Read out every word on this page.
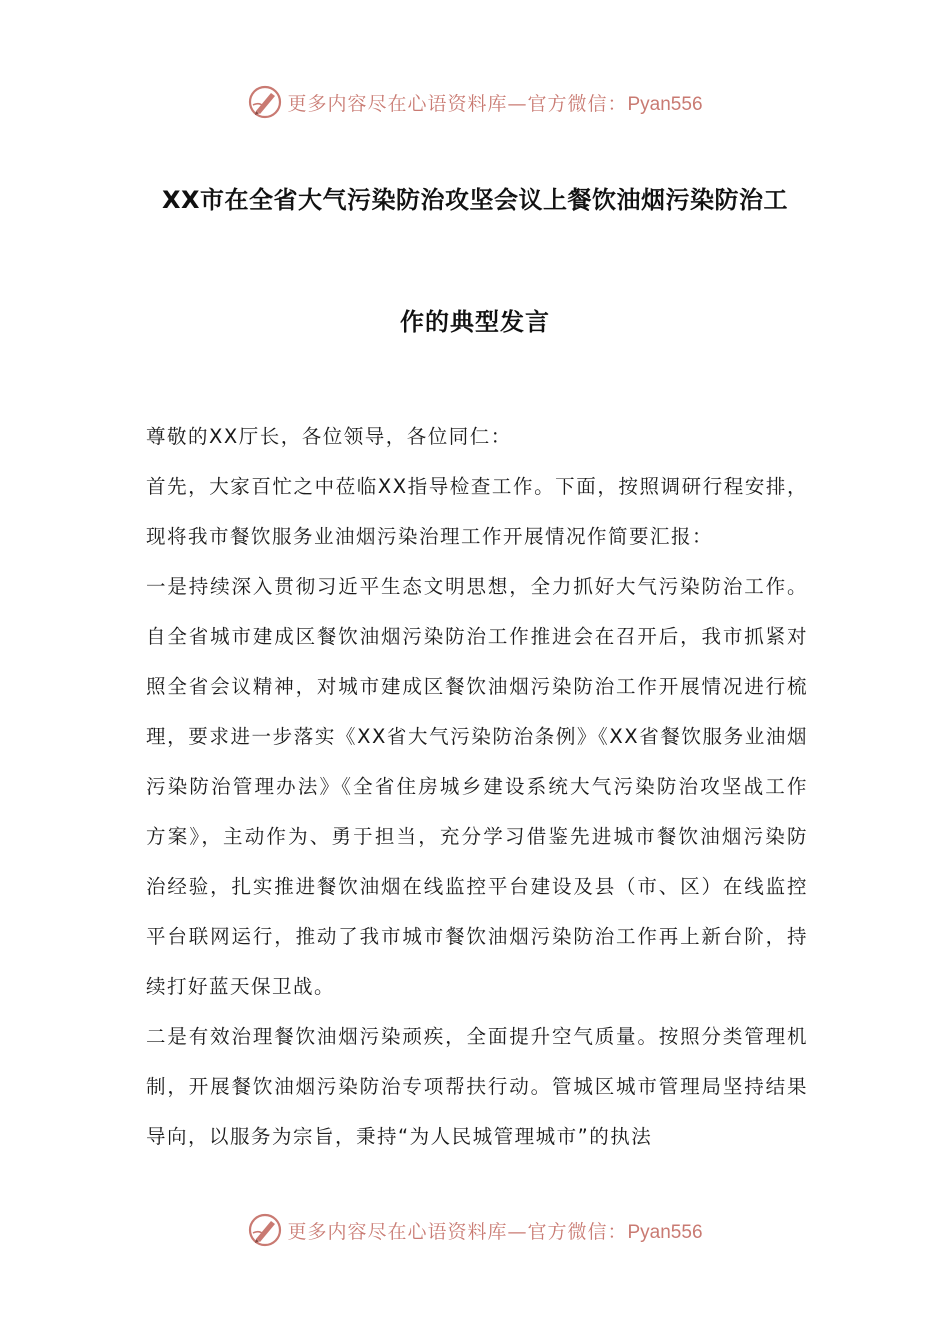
更多内容尽在心语资料库—官方微信：Pyan556
XX市在全省大气污染防治攻坚会议上餐饮油烟污染防治工
作的典型发言

尊敬的XX厅长，各位领导，各位同仁：

首先，大家百忙之中莅临XX指导检查工作。下面，按照调研行程安排，现将我市餐饮服务业油烟污染治理工作开展情况作简要汇报：

一是持续深入贯彻习近平生态文明思想，全力抓好大气污染防治工作。自全省城市建成区餐饮油烟污染防治工作推进会在召开后，我市抓紧对照全省会议精神，对城市建成区餐饮油烟污染防治工作开展情况进行梳理，要求进一步落实《XX省大气污染防治条例》《XX省餐饮服务业油烟污染防治管理办法》《全省住房城乡建设系统大气污染防治攻坚战工作方案》，主动作为、勇于担当，充分学习借鉴先进城市餐饮油烟污染防治经验，扎实推进餐饮油烟在线监控平台建设及县（市、区）在线监控平台联网运行，推动了我市城市餐饮油烟污染防治工作再上新台阶，持续打好蓝天保卫战。

二是有效治理餐饮油烟污染顽疾，全面提升空气质量。按照分类管理机制，开展餐饮油烟污染防治专项帮扶行动。管城区城市管理局坚持结果导向，以服务为宗旨，秉持“为人民城管理城市”的执法

更多内容尽在心语资料库—官方微信：Pyan556
